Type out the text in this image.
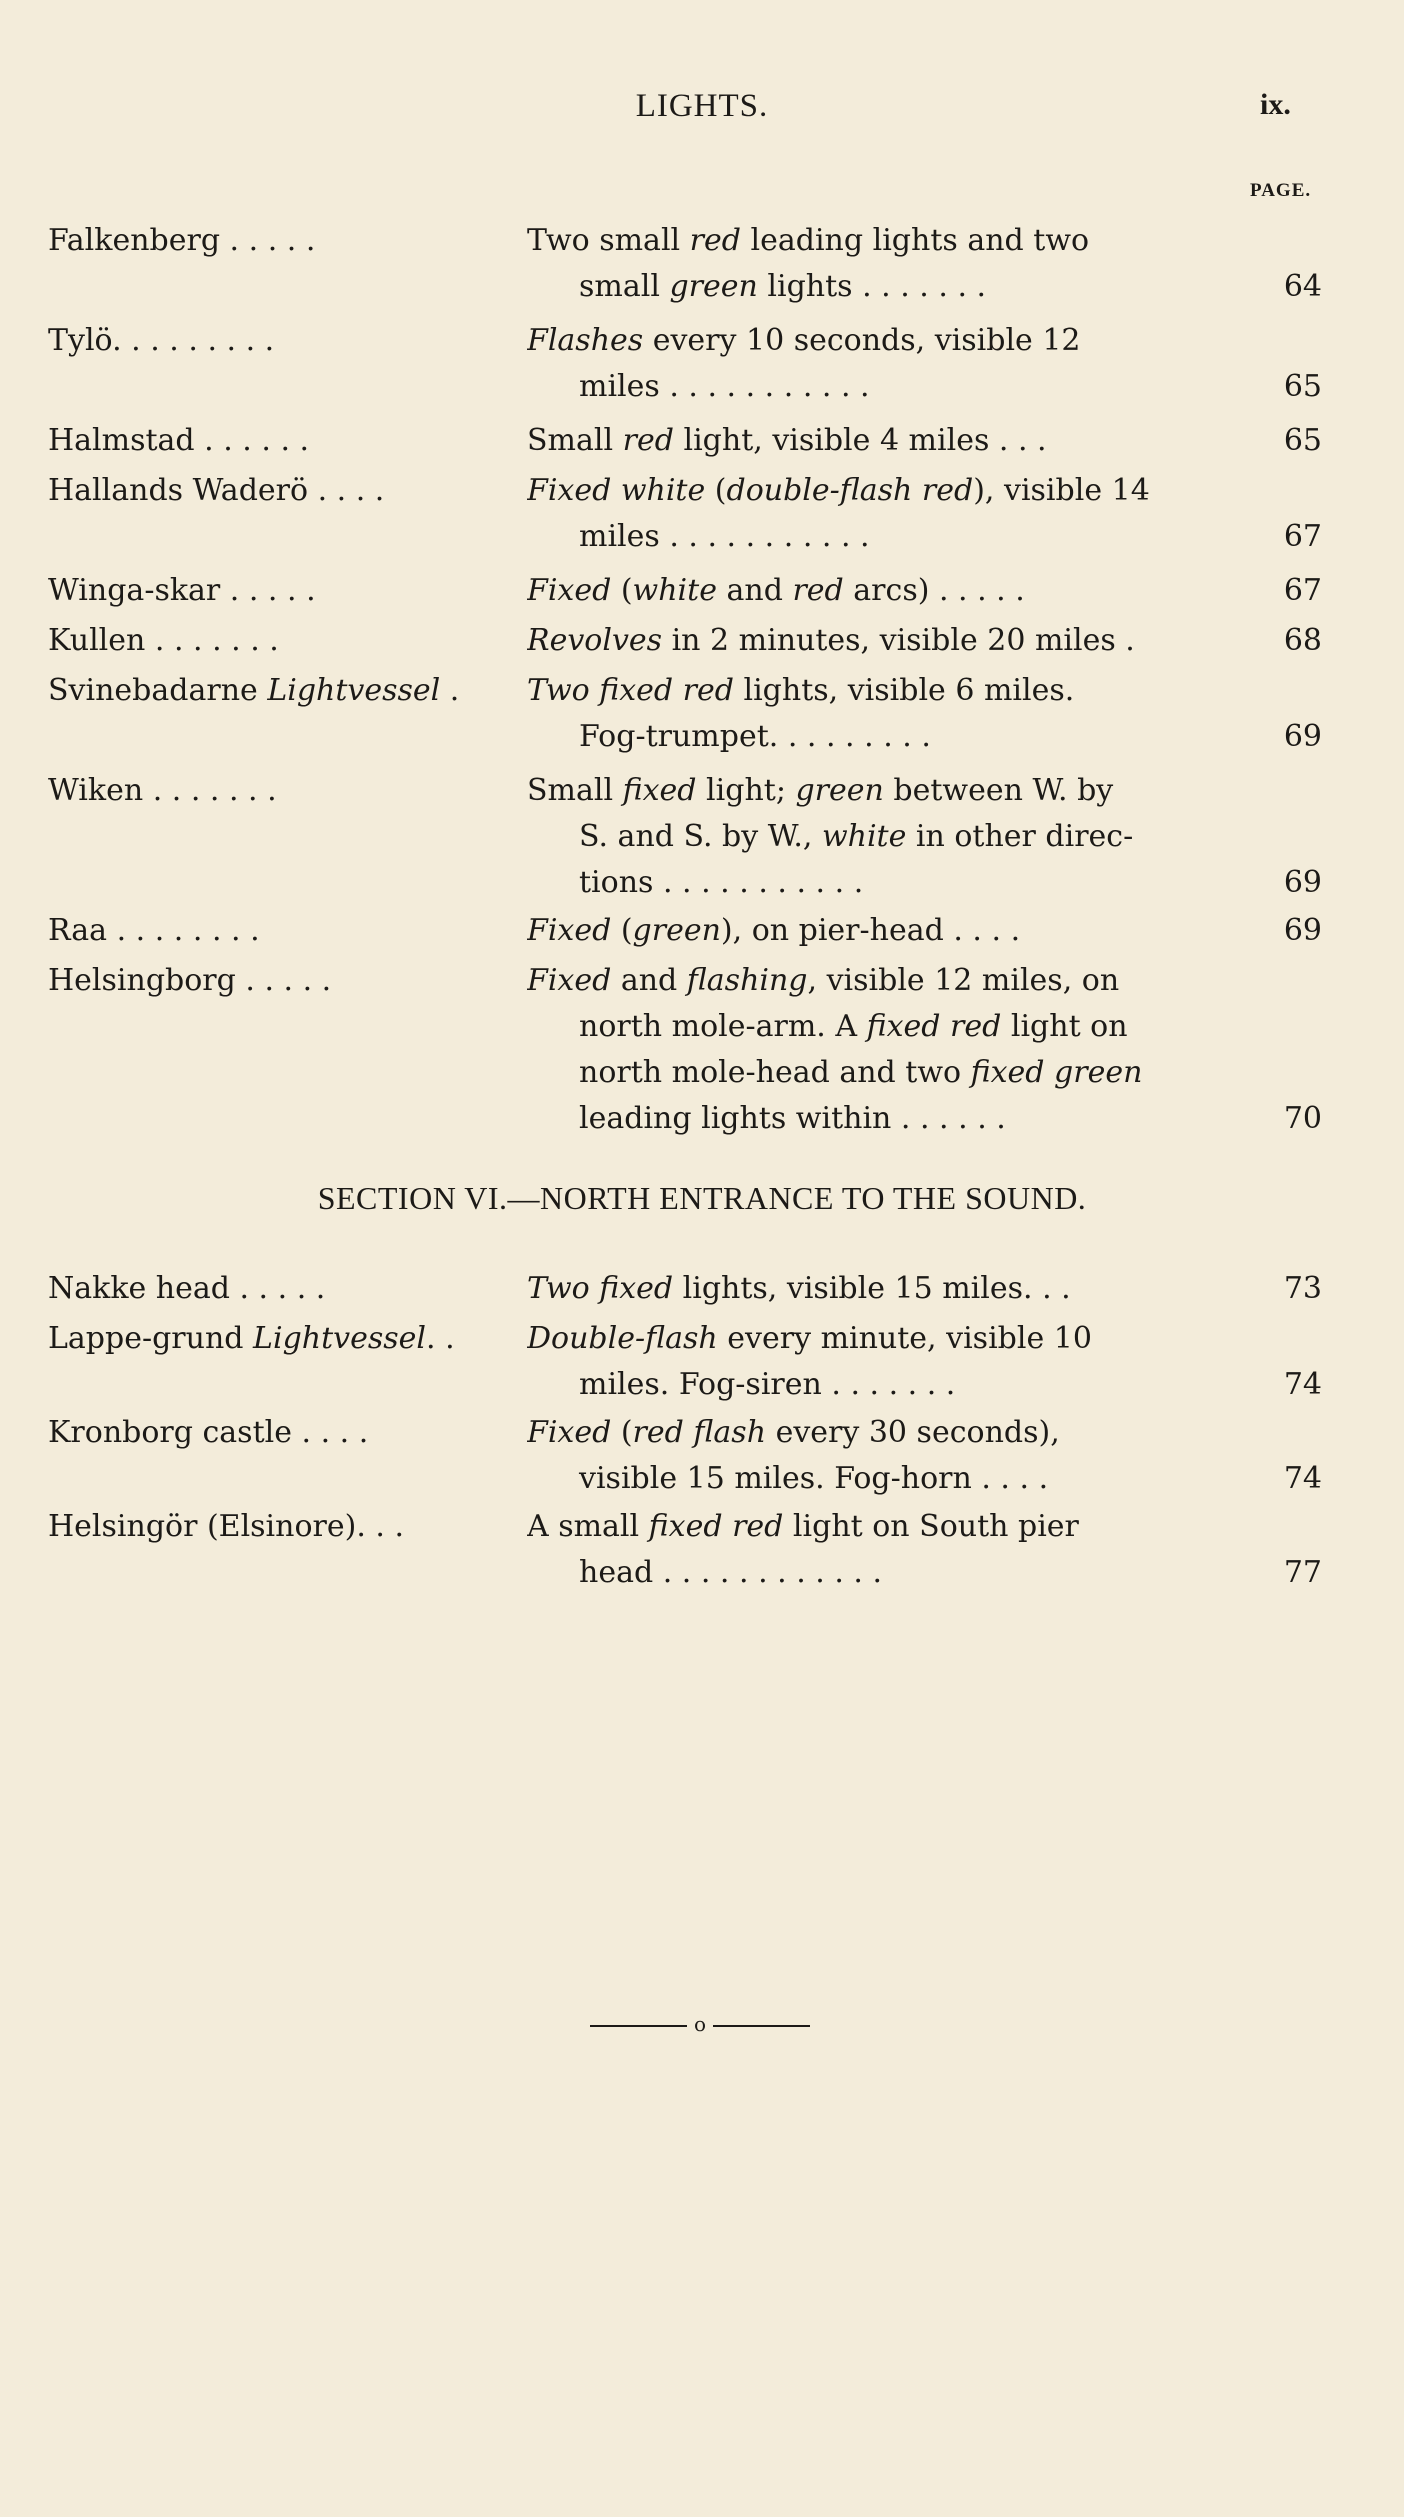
LIGHTS.	ix.
PAGE.
Falkenberg . . . . .	Two small red leading lights and two
small green lights . . . . . . .	64
Tylö. . . . . . . . .	Flashes every 10 seconds, visible 12
miles . . . . . . . . . . .	65
Halmstad . . . . . .	Small red light, visible 4 miles . . .	65
Hallands Waderö . . . .	Fixed white (double-flash red), visible 14
miles . . . . . . . . . . .	67
Winga-skar . . . . .	Fixed (white and red arcs) . . . . .	67
Kullen . . . . . . .	Revolves in 2 minutes, visible 20 miles .	68
Svinebadarne Lightvessel .	Two fixed red lights, visible 6 miles.
Fog-trumpet. . . . . . . . .	69
Wiken . . . . . . .	Small fixed light; green between W. by
S. and S. by W., white in other direc-
tions . . . . . . . . . . .	69
Raa . . . . . . . .	Fixed (green), on pier-head . . . .	69
Helsingborg . . . . .	Fixed and flashing, visible 12 miles, on
north mole-arm. A fixed red light on
north mole-head and two fixed green
leading lights within . . . . . .	70
SECTION VI.—NORTH ENTRANCE TO THE SOUND.
Nakke head . . . . .	Two fixed lights, visible 15 miles. . .	73
Lappe-grund Lightvessel. .	Double-flash every minute, visible 10
miles. Fog-siren . . . . . . .	74
Kronborg castle . . . .	Fixed (red flash every 30 seconds),
visible 15 miles. Fog-horn . . . .	74
Helsingör (Elsinore). . .	A small fixed red light on South pier
head . . . . . . . . . . . .	77
o
